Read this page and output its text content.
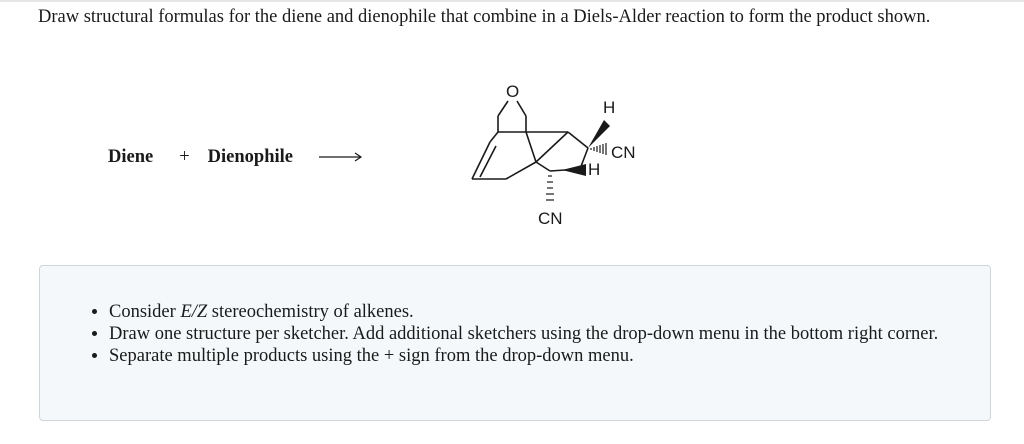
Draw structural formulas for the diene and dienophile that combine in a Diels-Alder reaction to form the product shown.

Diene + Dienophile
O
H
CN
H
CN
• Consider E/Z stereochemistry of alkenes.
• Draw one structure per sketcher. Add additional sketchers using the drop-down menu in the bottom right corner.
• Separate multiple products using the + sign from the drop-down menu.
